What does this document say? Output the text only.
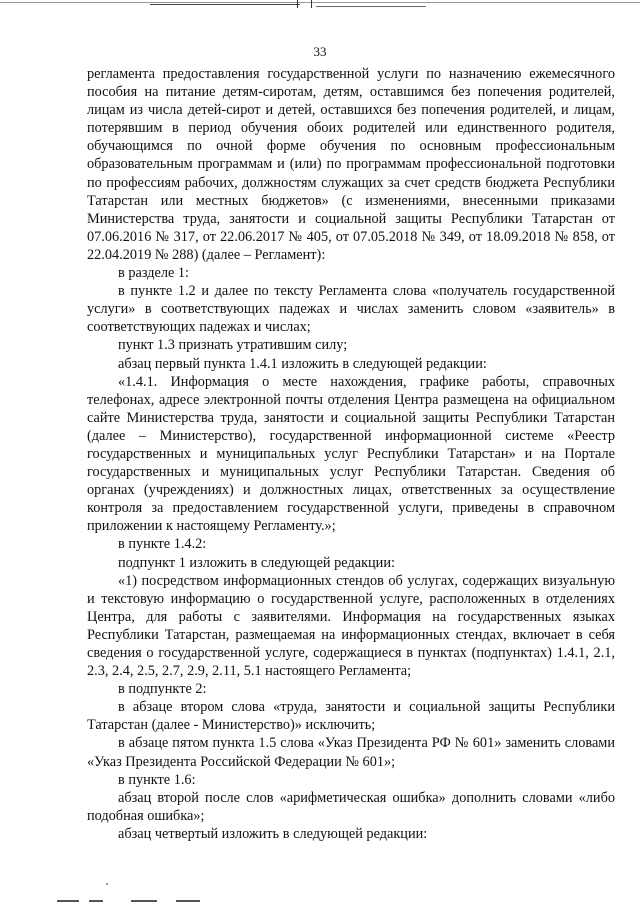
33

регламента предоставления государственной услуги по назначению ежемесячного пособия на питание детям-сиротам, детям, оставшимся без попечения родителей, лицам из числа детей-сирот и детей, оставшихся без попечения родителей, и лицам, потерявшим в период обучения обоих родителей или единственного родителя, обучающимся по очной форме обучения по основным профессиональным образовательным программам и (или) по программам профессиональной подготовки по профессиям рабочих, должностям служащих за счет средств бюджета Республики Татарстан или местных бюджетов» (с изменениями, внесенными приказами Министерства труда, занятости и социальной защиты Республики Татарстан от 07.06.2016 № 317, от 22.06.2017 № 405, от 07.05.2018 № 349, от 18.09.2018 № 858, от 22.04.2019 № 288) (далее – Регламент):

в разделе 1:

в пункте 1.2 и далее по тексту Регламента слова «получатель государственной услуги» в соответствующих падежах и числах заменить словом «заявитель» в соответствующих падежах и числах;

пункт 1.3 признать утратившим силу;

абзац первый пункта 1.4.1 изложить в следующей редакции:

«1.4.1. Информация о месте нахождения, графике работы, справочных телефонах, адресе электронной почты отделения Центра размещена на официальном сайте Министерства труда, занятости и социальной защиты Республики Татарстан (далее – Министерство), государственной информационной системе «Реестр государственных и муниципальных услуг Республики Татарстан» и на Портале государственных и муниципальных услуг Республики Татарстан. Сведения об органах (учреждениях) и должностных лицах, ответственных за осуществление контроля за предоставлением государственной услуги, приведены в справочном приложении к настоящему Регламенту.»;

в пункте 1.4.2:

подпункт 1 изложить в следующей редакции:

«1) посредством информационных стендов об услугах, содержащих визуальную и текстовую информацию о государственной услуге, расположенных в отделениях Центра, для работы с заявителями. Информация на государственных языках Республики Татарстан, размещаемая на информационных стендах, включает в себя сведения о государственной услуге, содержащиеся в пунктах (подпунктах) 1.4.1, 2.1, 2.3, 2.4, 2.5, 2.7, 2.9, 2.11, 5.1 настоящего Регламента;

в подпункте 2:

в абзаце втором слова «труда, занятости и социальной защиты Республики Татарстан (далее - Министерство)» исключить;

в абзаце пятом пункта 1.5 слова «Указ Президента РФ № 601» заменить словами «Указ Президента Российской Федерации № 601»;

в пункте 1.6:

абзац второй после слов «арифметическая ошибка» дополнить словами «либо подобная ошибка»;

абзац четвертый изложить в следующей редакции:
